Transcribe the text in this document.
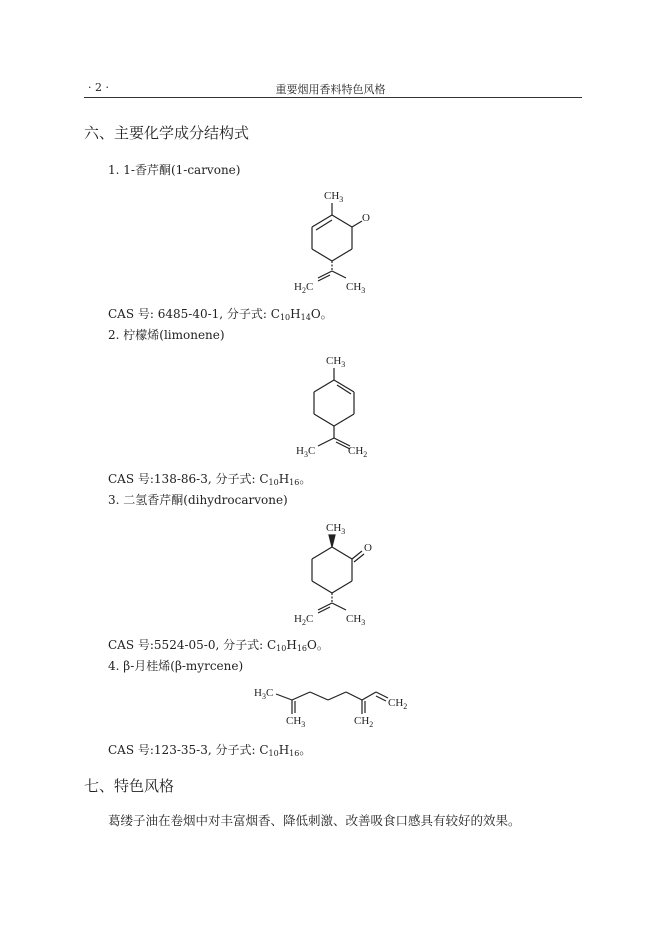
· 2 ·	重要烟用香料特色风格
六、主要化学成分结构式
1. 1-香芹酮(1-carvone)
$CH_3$
O
$H_2C$	$CH_3$
CAS 号: 6485-40-1, 分子式: $C_{10}H_{14}O$。
2. 柠檬烯(limonene)
$CH_3$
$H_3C$	$CH_2$
CAS 号:138-86-3, 分子式: $C_{10}H_{16}$。
3. 二氢香芹酮(dihydrocarvone)
$CH_3$
O
$H_2C$	$CH_3$
CAS 号:5524-05-0, 分子式: $C_{10}H_{16}O$。
4. β-月桂烯(β-myrcene)
$H_3C$
$CH_3$	$CH_2$
$CH_2$
CAS 号:123-35-3, 分子式: $C_{10}H_{16}$。
七、特色风格
葛缕子油在卷烟中对丰富烟香、降低刺激、改善吸食口感具有较好的效果。
